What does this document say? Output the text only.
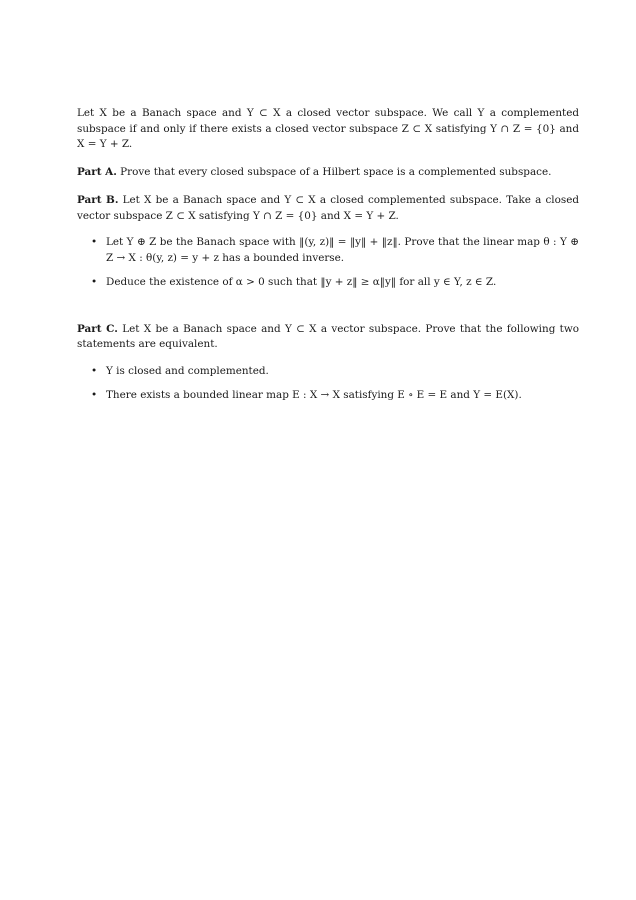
Let X be a Banach space and Y ⊂ X a closed vector subspace. We call Y a complemented subspace if and only if there exists a closed vector subspace Z ⊂ X satisfying Y ∩ Z = {0} and X = Y + Z.

Part A. Prove that every closed subspace of a Hilbert space is a complemented subspace.

Part B. Let X be a Banach space and Y ⊂ X a closed complemented subspace. Take a closed vector subspace Z ⊂ X satisfying Y ∩ Z = {0} and X = Y + Z.

• Let Y ⊕ Z be the Banach space with ‖(y, z)‖ = ‖y‖ + ‖z‖. Prove that the linear map θ : Y ⊕ Z → X : θ(y, z) = y + z has a bounded inverse.
• Deduce the existence of α > 0 such that ‖y + z‖ ≥ α‖y‖ for all y ∈ Y, z ∈ Z.

Part C. Let X be a Banach space and Y ⊂ X a vector subspace. Prove that the following two statements are equivalent.

• Y is closed and complemented.
• There exists a bounded linear map E : X → X satisfying E ∘ E = E and Y = E(X).
